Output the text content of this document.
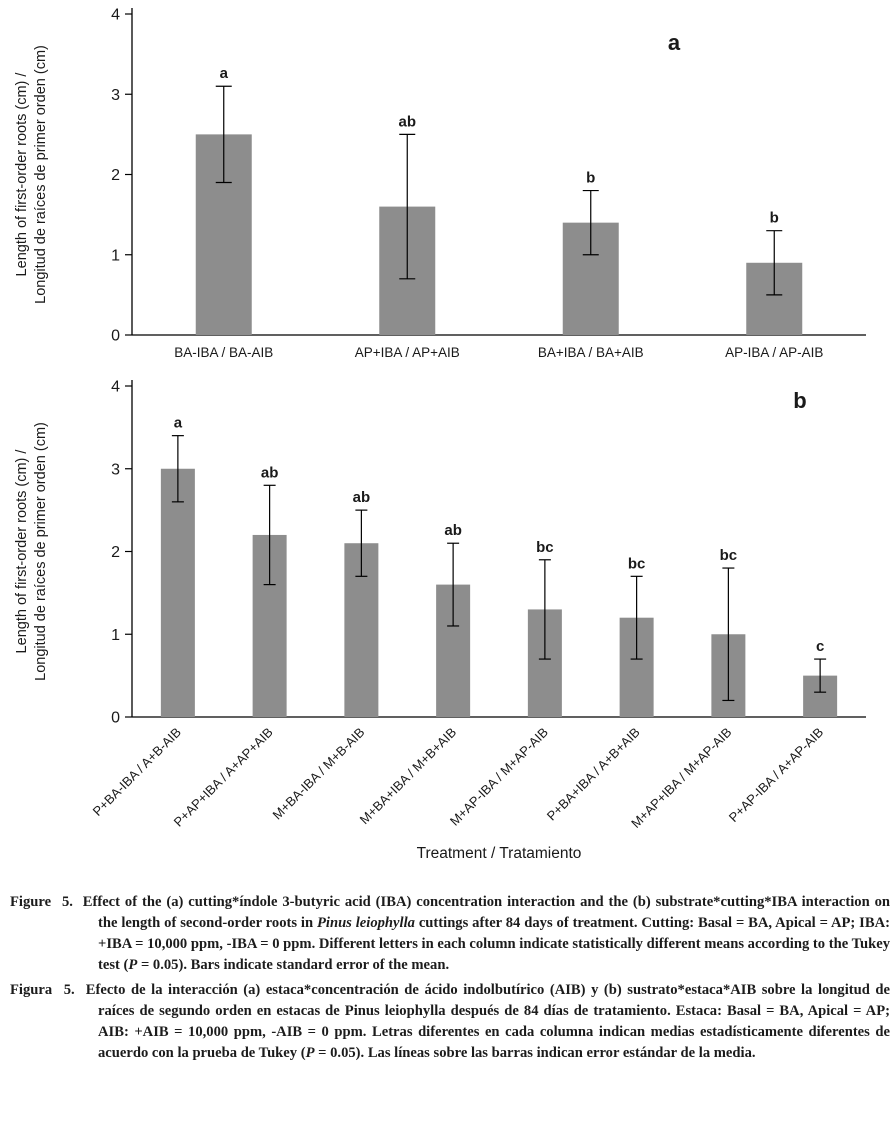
0
1
2
3
4
a
BA-IBA / BA-AIB
ab
AP+IBA / AP+AIB
b
BA+IBA / BA+AIB
b
AP-IBA / AP-AIB
a
Length of first-order roots (cm) / Longitud de raíces de primer orden (cm)
0
1
2
3
4
a
P+BA-IBA / A+B-AIB
ab
P+AP+IBA / A+AP+AIB
ab
M+BA-IBA / M+B-AIB
ab
M+BA+IBA / M+B+AIB
bc
M+AP-IBA / M+AP-AIB
bc
P+BA+IBA / A+B+AIB
bc
M+AP+IBA / M+AP-AIB
c
P+AP-IBA / A+AP-AIB
b
Length of first-order roots (cm) / Longitud de raíces de primer orden (cm)
Treatment / Tratamiento

Figure 5. Effect of the (a) cutting*índole 3-butyric acid (IBA) concentration interaction and the (b) substrate*cutting*IBA interaction on the length of second-order roots in Pinus leiophylla cuttings after 84 days of treatment. Cutting: Basal = BA, Apical = AP; IBA: +IBA = 10,000 ppm, -IBA = 0 ppm. Different letters in each column indicate statistically different means according to the Tukey test (P = 0.05). Bars indicate standard error of the mean.

Figura 5. Efecto de la interacción (a) estaca*concentración de ácido indolbutírico (AIB) y (b) sustrato*estaca*AIB sobre la longitud de raíces de segundo orden en estacas de Pinus leiophylla después de 84 días de tratamiento. Estaca: Basal = BA, Apical = AP; AIB: +AIB = 10,000 ppm, -AIB = 0 ppm. Letras diferentes en cada columna indican medias estadísticamente diferentes de acuerdo con la prueba de Tukey (P = 0.05). Las líneas sobre las barras indican error estándar de la media.
